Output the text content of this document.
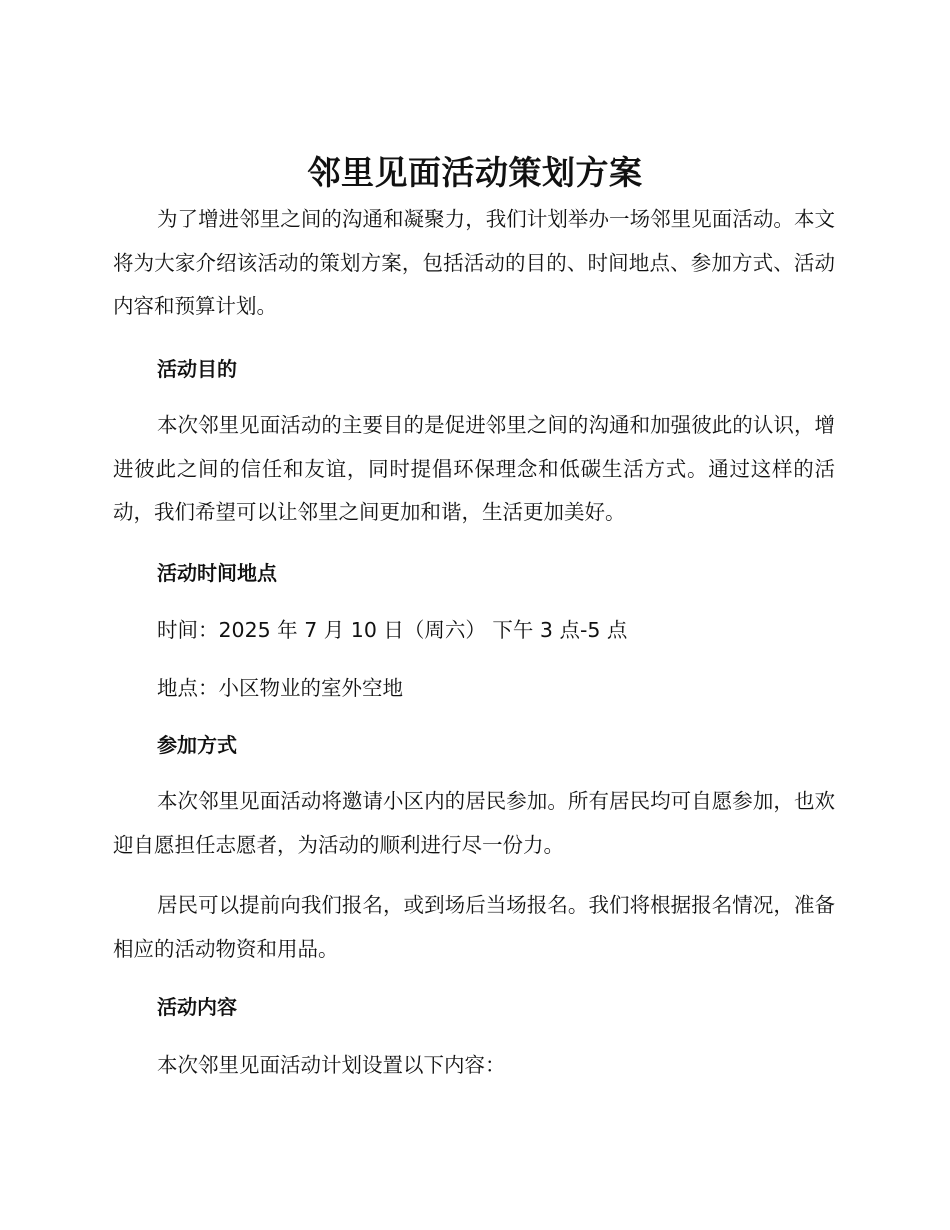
邻里见面活动策划方案

为了增进邻里之间的沟通和凝聚力，我们计划举办一场邻里见面活动。本文将为大家介绍该活动的策划方案，包括活动的目的、时间地点、参加方式、活动内容和预算计划。

活动目的

本次邻里见面活动的主要目的是促进邻里之间的沟通和加强彼此的认识，增进彼此之间的信任和友谊，同时提倡环保理念和低碳生活方式。通过这样的活动，我们希望可以让邻里之间更加和谐，生活更加美好。

活动时间地点

时间：2025 年 7 月 10 日（周六） 下午 3 点-5 点

地点：小区物业的室外空地

参加方式

本次邻里见面活动将邀请小区内的居民参加。所有居民均可自愿参加，也欢迎自愿担任志愿者，为活动的顺利进行尽一份力。

居民可以提前向我们报名，或到场后当场报名。我们将根据报名情况，准备相应的活动物资和用品。

活动内容

本次邻里见面活动计划设置以下内容：
